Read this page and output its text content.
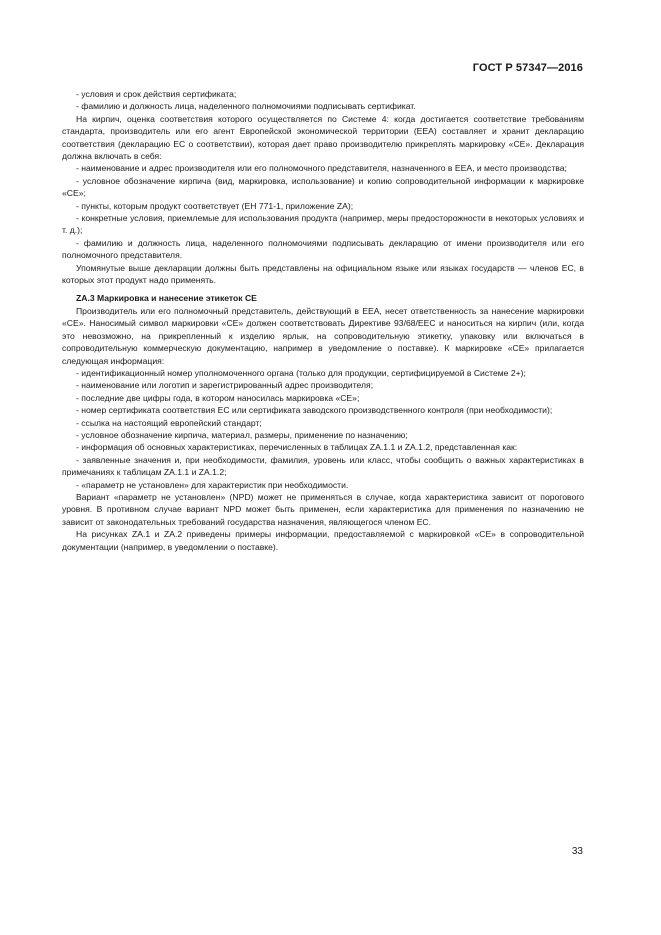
ГОСТ Р 57347—2016

- условия и срок действия сертификата;

- фамилию и должность лица, наделенного полномочиями подписывать сертификат.

На кирпич, оценка соответствия которого осуществляется по Системе 4: когда достигается соответствие требованиям стандарта, производитель или его агент Европейской экономической территории (EEA) составляет и хранит декларацию соответствия (декларацию ЕС о соответствии), которая дает право производителю прикреплять маркировку «СЕ». Декларация должна включать в себя:

- наименование и адрес производителя или его полномочного представителя, назначенного в ЕЕА, и место производства;

- условное обозначение кирпича (вид, маркировка, использование) и копию сопроводительной информации к маркировке «СЕ»;

- пункты, которым продукт соответствует (ЕН 771-1, приложение ZA);

- конкретные условия, приемлемые для использования продукта (например, меры предосторожности в некоторых условиях и т. д.);

- фамилию и должность лица, наделенного полномочиями подписывать декларацию от имени производителя или его полномочного представителя.

Упомянутые выше декларации должны быть представлены на официальном языке или языках государств — членов ЕС, в которых этот продукт надо применять.

ZA.3 Маркировка и нанесение этикеток СЕ

Производитель или его полномочный представитель, действующий в ЕЕА, несет ответственность за нанесение маркировки «СЕ». Наносимый символ маркировки «СЕ» должен соответствовать Директиве 93/68/ЕЕС и наноситься на кирпич (или, когда это невозможно, на прикрепленный к изделию ярлык, на сопроводительную этикетку, упаковку или включаться в сопроводительную коммерческую документацию, например в уведомление о поставке). К маркировке «СЕ» прилагается следующая информация:

- идентификационный номер уполномоченного органа (только для продукции, сертифицируемой в Системе 2+);

- наименование или логотип и зарегистрированный адрес производителя;

- последние две цифры года, в котором наносилась маркировка «СЕ»;

- номер сертификата соответствия ЕС или сертификата заводского производственного контроля (при необходимости);

- ссылка на настоящий европейский стандарт;

- условное обозначение кирпича, материал, размеры, применение по назначению;

- информация об основных характеристиках, перечисленных в таблицах ZA.1.1 и ZA.1.2, представленная как:

- заявленные значения и, при необходимости, фамилия, уровень или класс, чтобы сообщить о важных характеристиках в примечаниях к таблицам ZA.1.1 и ZA.1.2;

- «параметр не установлен» для характеристик при необходимости.

Вариант «параметр не установлен» (NPD) может не применяться в случае, когда характеристика зависит от порогового уровня. В противном случае вариант NPD может быть применен, если характеристика для применения по назначению не зависит от законодательных требований государства назначения, являющегося членом ЕС.

На рисунках ZA.1 и ZA.2 приведены примеры информации, предоставляемой с маркировкой «СЕ» в сопроводительной документации (например, в уведомлении о поставке).

33
